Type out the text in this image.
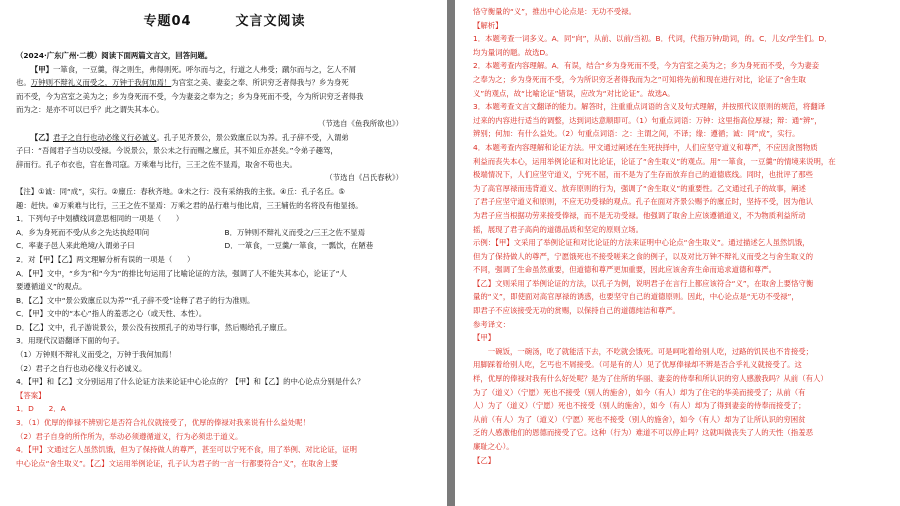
专题04	文言文阅读

（2024·广东广州·二模）阅读下面两篇文言文，回答问题。

【甲】一箪食，一豆羹，得之则生，弗得则死。呼尔而与之，行道之人弗受；蹴尔而与之，乞人不屑

也。万钟则不辩礼义而受之，万钟于我何加焉！为宫室之美、妻妾之奉、所识穷乏者得我与？乡为身死

而不受，今为宫室之美为之；乡为身死而不受，今为妻妾之奉为之；乡为身死而不受，今为所识穷乏者得我

而为之：是亦不可以已乎？此之谓失其本心。

（节选自《鱼我所欲也》）

【乙】君子之自行也动必缘义行必诚义。孔子见齐景公，景公致廪丘以为养。孔子辞不受，入谓弟

子曰：“吾闻君子当功以受禄。今说景公，景公未之行而赐之廪丘，其不知丘亦甚矣。”令弟子趣驾，

辞而行。孔子布衣也，官在鲁司寇。万乘难与比行，三王之佐不显焉，取舍不苟也夫。

（节选自《吕氏春秋》）

【注】①诚：同“成”，实行。②廪丘：春秋齐地。③未之行：没有采纳我的主张。④丘：孔子名丘。⑤

趣：赶快。⑥万乘难与比行，三王之佐不显焉：万乘之君的品行难与他比肩，三王辅佐的名将没有他显扬。

1．下列句子中划横线词意思相同的一项是（　　）

A．乡为身死而不受/从乡之先达执经叩问	B．万钟则不辩礼义而受之/三王之佐不显焉

C．率妻子邑人来此绝境/入谓弟子曰	D．一箪食，一豆羹/一箪食，一瓢饮，在陋巷

2．对【甲】【乙】两文理解分析有误的一项是（　　）

A．【甲】文中，“乡为”和“今为”的排比句运用了比喻论证的方法，强调了人不能失其本心，论证了“人

要遵循道义”的观点。

B．【乙】文中“景公致廪丘以为养”“孔子辞不受”诠释了君子的行为准则。

C．【甲】文中的“本心”指人的羞恶之心（或天性、本性）。

D．【乙】文中，孔子游说景公，景公没有按照孔子的劝导行事，然后赐给孔子廪丘。

3．用现代汉语翻译下面的句子。

（1）万钟则不辩礼义而受之，万钟于我何加焉！

（2）君子之自行也动必缘义行必诚义。

4．【甲】和【乙】文分别运用了什么论证方法来论证中心论点的？【甲】和【乙】的中心论点分别是什么？

【答案】

1．D　　2．A

3．（1）优厚的俸禄不辨别它是否符合礼仪就接受了，优厚的俸禄对我来说有什么益处呢！

（2）君子自身的所作所为，举动必须遵循道义，行为必须忠于道义。

4．【甲】文通过乞人虽然饥饿，但为了保持做人的尊严，甚至可以宁死不食，用了举例、对比论证，证明

中心论点“舍生取义”。【乙】文运用举例论证，孔子认为君子的一言一行都要符合“义”，在取舍上要

恪守衡量的“义”，推出中心论点是：无功不受禄。

【解析】

1．本题考查一词多义。A．同“向”，从前、以前/当初。B．代词，代指万钟/助词，的。C．儿女/学生们。D．

均为量词的题。故选D。

2．本题考查内容理解。A．有误，结合“乡为身死而不受，今为宫室之美为之；乡为身死而不受，今为妻妾

之奉为之；乡为身死而不受，今为所识穷乏者得我而为之”可知将先前和现在进行对比，论证了“舍生取

义”的观点，故“比喻论证”错误，应改为“对比论证”。故选A。

3．本题考查文言文翻译的能力。解答时，注重重点词语的含义及句式理解，并按照代议原则的规范，将翻译

过来的内容进行适当的调整，达到词达意顺即可。（1）句重点词语：万钟：这里指高位厚禄；辩：通“辨”，

辨别；何加：有什么益处。（2）句重点词语：之：主谓之间，不译；缘：遵循；诚：同“成”，实行。

4．本题考查内容理解和论证方法。甲文通过阐述在生死抉择中，人们应坚守道义和尊严，不应因贪图物质

利益而丧失本心，运用举例论证和对比论证，论证了“舍生取义”的观点。用“一箪食，一豆羹”的情境来说明，在

极端情况下，人们应坚守道义，宁死不屈，而不是为了生存而放弃自己的道德底线。同时，也批评了那些

为了高官厚禄而违背道义、放弃原则的行为，强调了“舍生取义”的重要性。乙文通过孔子的故事，阐述

了君子应坚守道义和原则，不应无功受禄的观点。孔子在面对齐景公赐予的廪丘时，坚持不受，因为他认

为君子应当根据功劳来接受俸禄，而不是无功受禄。他强调了取舍上应该遵循道义，不为物质利益所动

摇，展现了君子高尚的道德品质和坚定的原则立场。

示例：【甲】文采用了举例论证和对比论证的方法来证明中心论点“舍生取义”。通过描述乞人虽然饥饿，

但为了保持做人的尊严，宁愿饿死也不接受嗟来之食的例子，以及对比万钟不辩礼义而受之与舍生取义的

不同，强调了生命虽然重要，但道德和尊严更加重要，因此应该舍弃生命而追求道德和尊严。

【乙】文则采用了举例论证的方法，以孔子为例，说明君子在言行上都应该符合“义”，在取舍上要恪守衡

量的“义”，即使面对高官厚禄的诱惑，也要坚守自己的道德原则。因此，中心论点是“无功不受禄”，

即君子不应该接受无功的赏赐，以保持自己的道德纯洁和尊严。

参考译文：

【甲】

一碗饭，一碗汤，吃了就能活下去，不吃就会饿死。可是呵叱着给别人吃，过路的饥民也不肯接受；

用脚踩着给别人吃，乞丐也不屑接受。（可是有的人）见了优厚俸禄却不辨是否合乎礼义就接受了。这

样，优厚的俸禄对我有什么好处呢？是为了住所的华丽、妻妾的侍奉和所认识的穷人感激我吗？从前（有人）

为了（道义）（宁愿）死也不接受（别人的施舍），如今（有人）却为了住宅的华美而接受了；从前（有

人）为了（道义）（宁愿）死也不接受（别人的施舍），如今（有人）却为了得到妻妾的侍奉而接受了；

从前（有人）为了（道义）（宁愿）死也不接受（别人的施舍），如今（有人）却为了让所认识的穷困贫

乏的人感激他们的恩德而接受了它。这种（行为）难道不可以停止吗？这就叫做丧失了人的天性（指羞恶

廉耻之心）。

【乙】
